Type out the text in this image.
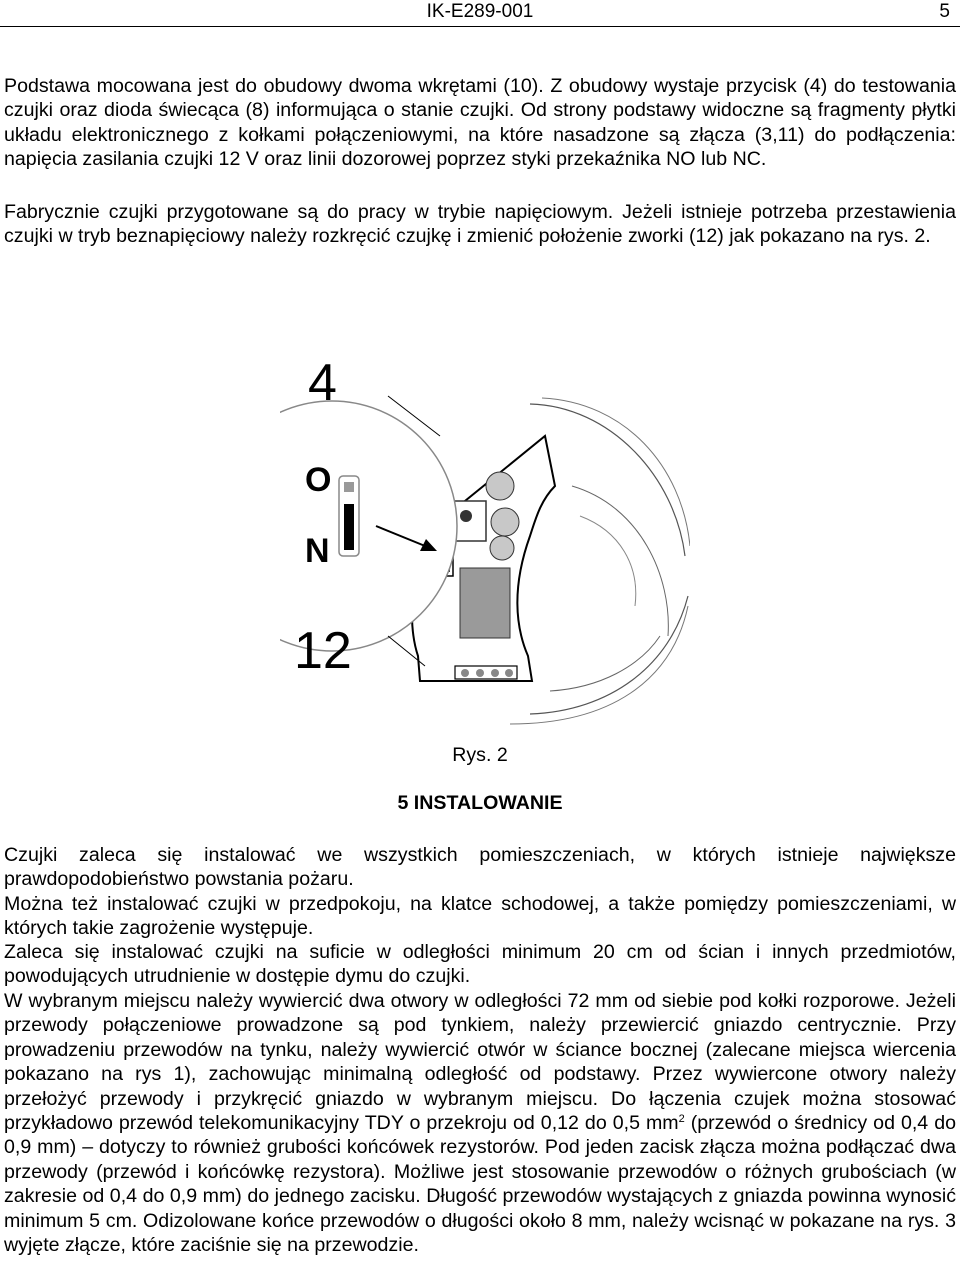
IK-E289-001	5

Podstawa mocowana jest do obudowy dwoma wkrętami (10). Z obudowy wystaje przycisk (4) do testowania czujki oraz dioda świecąca (8) informująca o stanie czujki. Od strony podstawy widoczne są fragmenty płytki układu elektronicznego z kołkami połączeniowymi, na które nasadzone są złącza (3,11) do podłączenia: napięcia zasilania czujki 12 V oraz linii dozorowej poprzez styki przekaźnika NO lub NC.

Fabrycznie czujki przygotowane są do pracy w trybie napięciowym. Jeżeli istnieje potrzeba przestawienia czujki w tryb beznapięciowy należy rozkręcić czujkę i zmienić położenie zworki (12) jak pokazano na rys. 2.

4
O
N
12
Rys. 2
5 INSTALOWANIE

Czujki zaleca się instalować we wszystkich pomieszczeniach, w których istnieje największe prawdopodobieństwo powstania pożaru.

Można też instalować czujki w przedpokoju, na klatce schodowej, a także pomiędzy pomieszczeniami, w których takie zagrożenie występuje.

Zaleca się instalować czujki na suficie w odległości minimum 20 cm od ścian i innych przedmiotów, powodujących utrudnienie w dostępie dymu do czujki.

W wybranym miejscu należy wywiercić dwa otwory w odległości 72 mm od siebie pod kołki rozporowe. Jeżeli przewody połączeniowe prowadzone są pod tynkiem, należy przewiercić gniazdo centrycznie. Przy prowadzeniu przewodów na tynku, należy wywiercić otwór w ściance bocznej (zalecane miejsca wiercenia pokazano na rys 1), zachowując minimalną odległość od podstawy. Przez wywiercone otwory należy przełożyć przewody i przykręcić gniazdo w wybranym miejscu. Do łączenia czujek można stosować przykładowo przewód telekomunikacyjny TDY o przekroju od 0,12 do 0,5 $mm^2$ (przewód o średnicy od 0,4 do 0,9 mm) – dotyczy to również grubości końcówek rezystorów. Pod jeden zacisk złącza można podłączać dwa przewody (przewód i końcówkę rezystora). Możliwe jest stosowanie przewodów o różnych grubościach (w zakresie od 0,4 do 0,9 mm) do jednego zacisku. Długość przewodów wystających z gniazda powinna wynosić minimum 5 cm. Odizolowane końce przewodów o długości około 8 mm, należy wcisnąć w pokazane na rys. 3 wyjęte złącze, które zaciśnie się na przewodzie.
